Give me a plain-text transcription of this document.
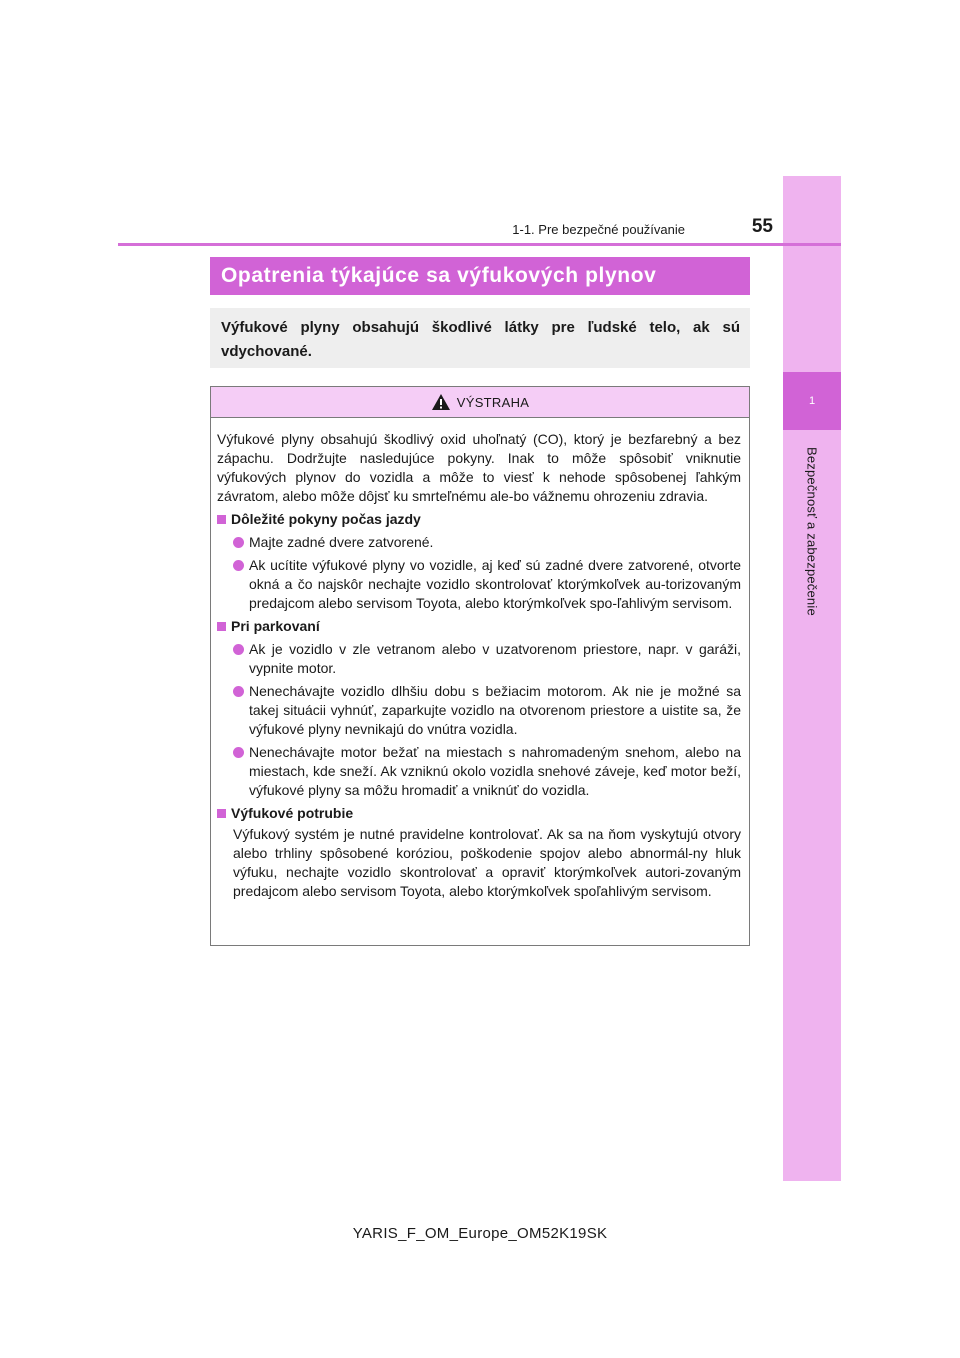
1
Bezpečnosť a zabezpečenie
1-1. Pre bezpečné používanie	55
Opatrenia týkajúce sa výfukových plynov

Výfukové plyny obsahujú škodlivé látky pre ľudské telo, ak sú vdychované.

VÝSTRAHA

Výfukové plyny obsahujú škodlivý oxid uhoľnatý (CO), ktorý je bezfarebný a bez zápachu. Dodržujte nasledujúce pokyny. Inak to môže spôsobiť vniknutie výfukových plynov do vozidla a môže to viesť k nehode spôsobenej ľahkým závratom, alebo môže dôjsť ku smrteľnému ale-bo vážnemu ohrozeniu zdravia.

Dôležité pokyny počas jazdy

Majte zadné dvere zatvorené.

Ak ucítite výfukové plyny vo vozidle, aj keď sú zadné dvere zatvorené, otvorte okná a čo najskôr nechajte vozidlo skontrolovať ktorýmkoľvek au-torizovaným predajcom alebo servisom Toyota, alebo ktorýmkoľvek spo-ľahlivým servisom.

Pri parkovaní

Ak je vozidlo v zle vetranom alebo v uzatvorenom priestore, napr. v garáži, vypnite motor.

Nenechávajte vozidlo dlhšiu dobu s bežiacim motorom. Ak nie je možné sa takej situácii vyhnúť, zaparkujte vozidlo na otvorenom priestore a uistite sa, že výfukové plyny nevnikajú do vnútra vozidla.

Nenechávajte motor bežať na miestach s nahromadeným snehom, alebo na miestach, kde sneží. Ak vzniknú okolo vozidla snehové záveje, keď motor beží, výfukové plyny sa môžu hromadiť a vniknúť do vozidla.

Výfukové potrubie

Výfukový systém je nutné pravidelne kontrolovať. Ak sa na ňom vyskytujú otvory alebo trhliny spôsobené koróziou, poškodenie spojov alebo abnormál-ny hluk výfuku, nechajte vozidlo skontrolovať a opraviť ktorýmkoľvek autori-zovaným predajcom alebo servisom Toyota, alebo ktorýmkoľvek spoľahlivým servisom.

YARIS_F_OM_Europe_OM52K19SK
